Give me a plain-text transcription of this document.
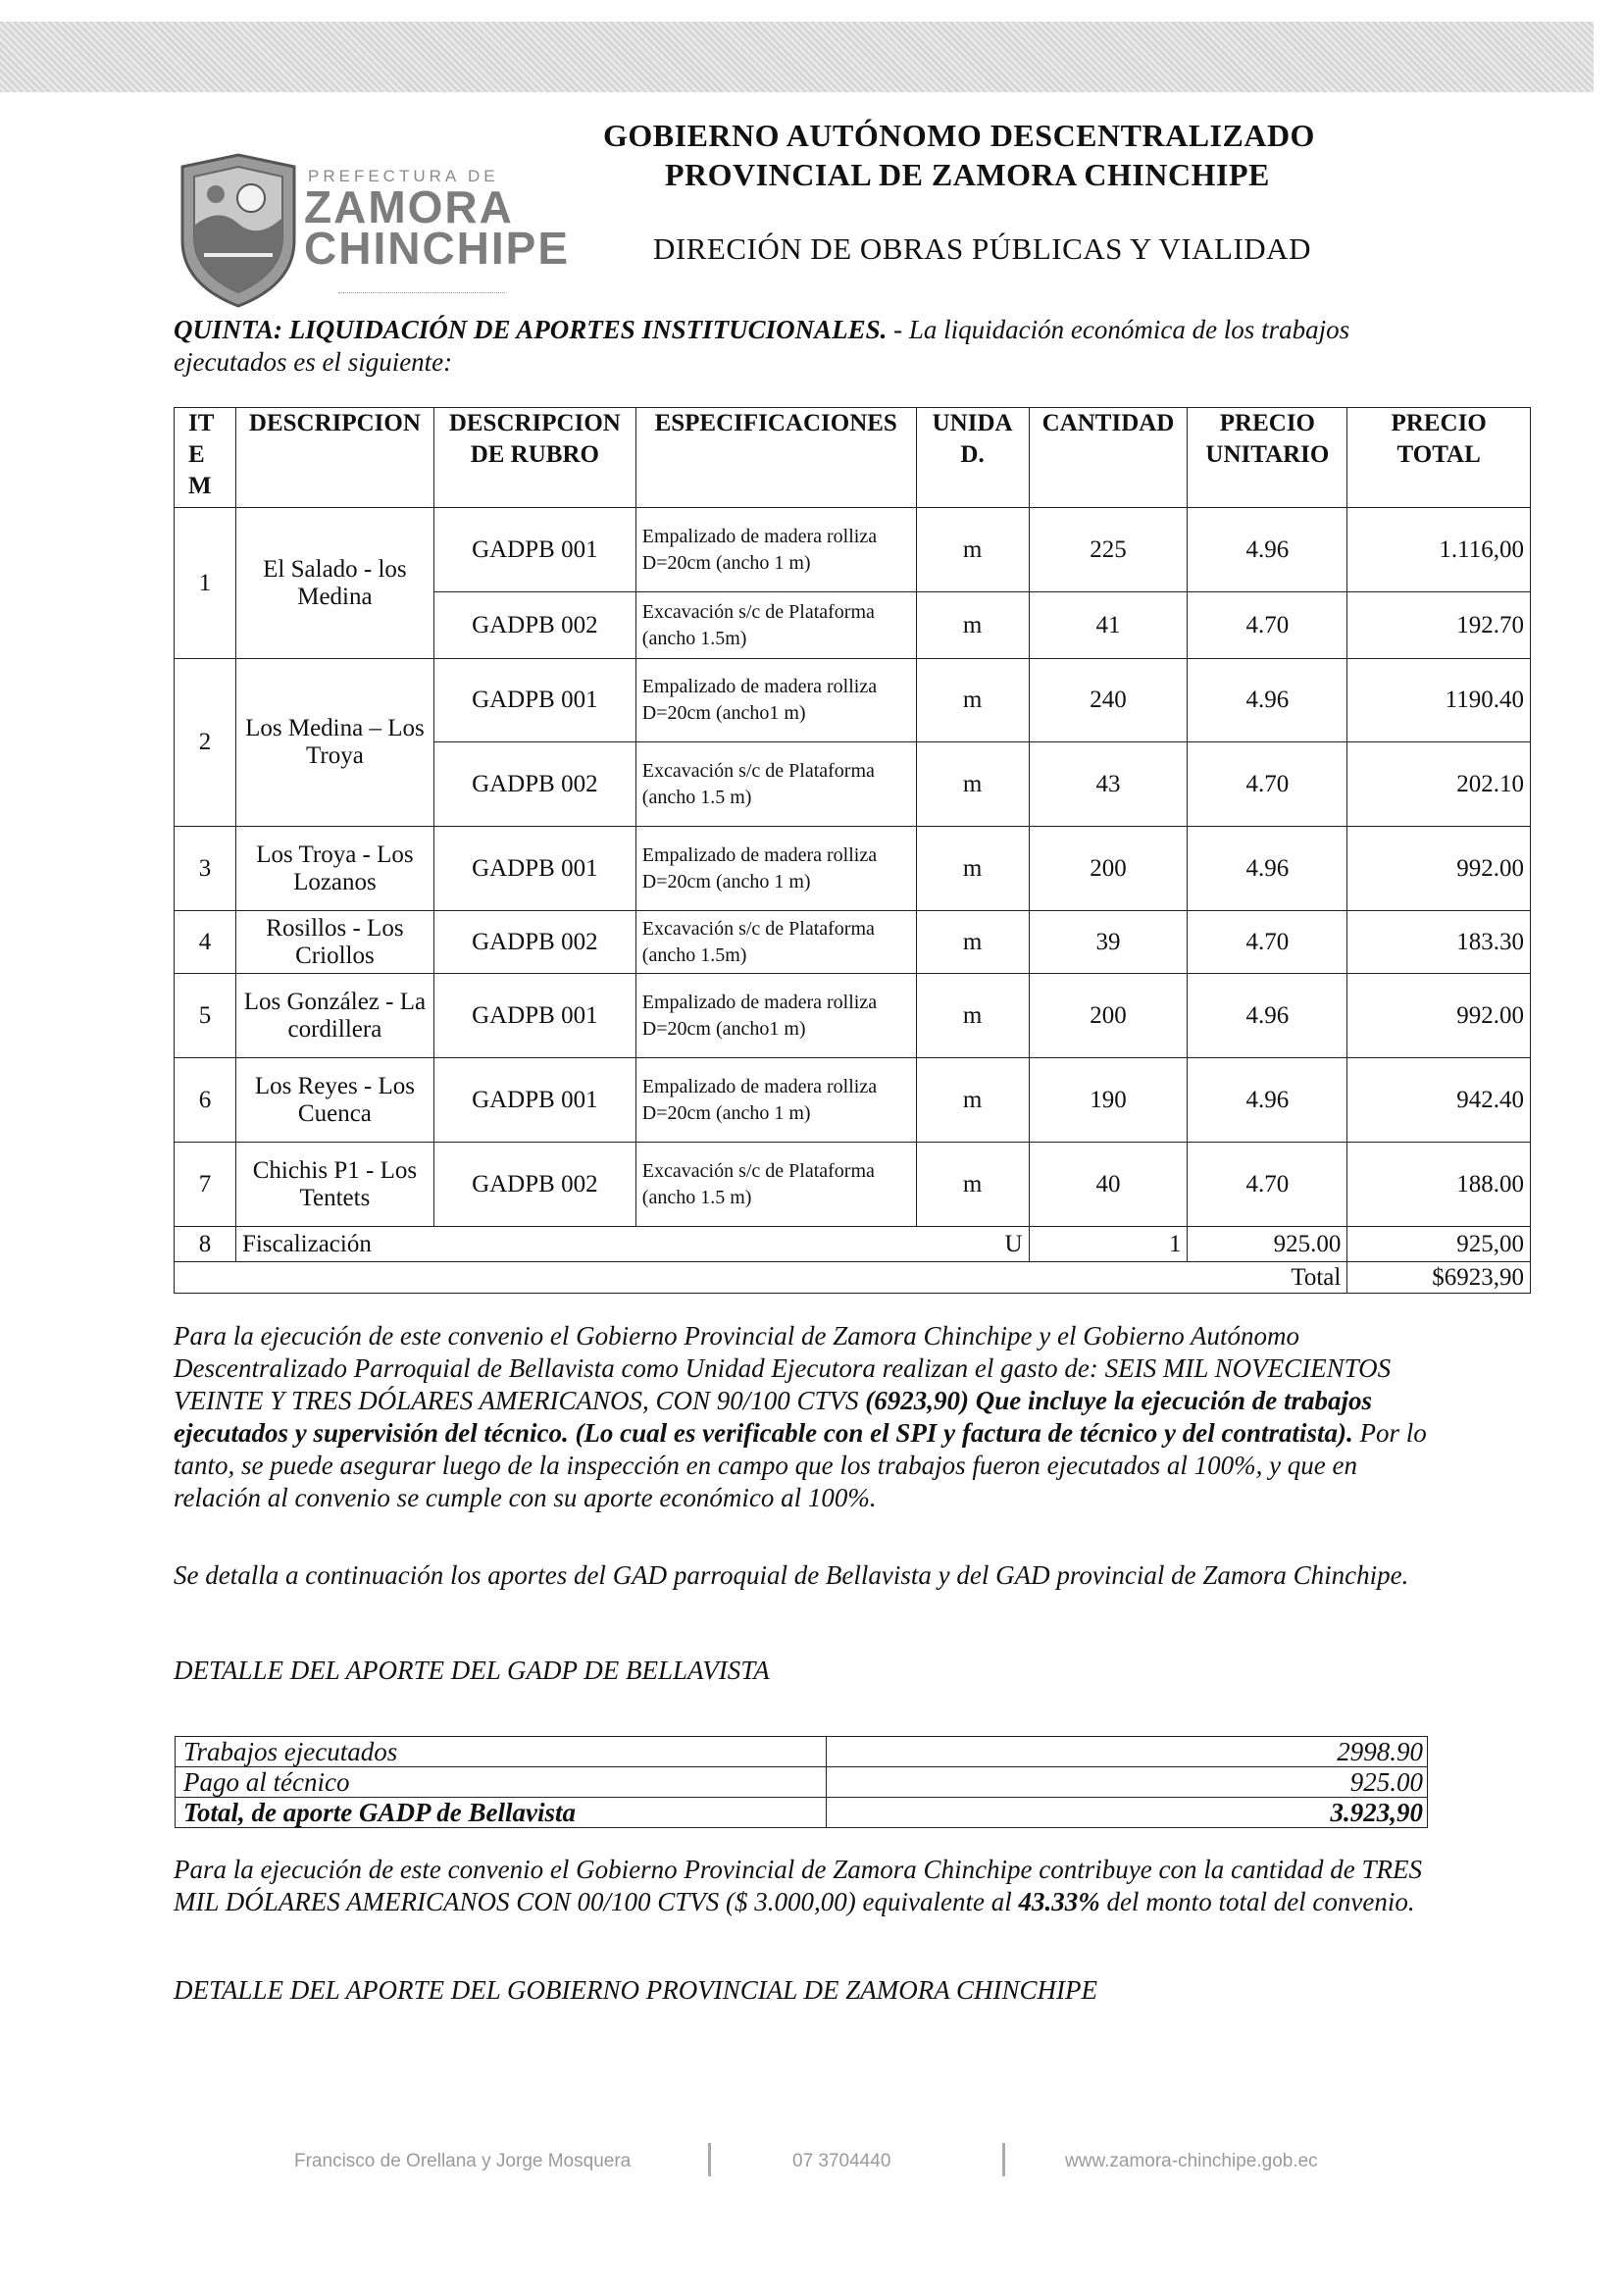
PREFECTURA DE
ZAMORA
CHINCHIPE
GOBIERNO AUTÓNOMO DESCENTRALIZADO
PROVINCIAL DE ZAMORA CHINCHIPE
DIRECIÓN DE OBRAS PÚBLICAS Y VIALIDAD
QUINTA: LIQUIDACIÓN DE APORTES INSTITUCIONALES. - La liquidación económica de los trabajos ejecutados es el siguiente:
IT E M	DESCRIPCION	DESCRIPCION DE RUBRO	ESPECIFICACIONES	UNIDA D.	CANTIDAD	PRECIO UNITARIO	PRECIO TOTAL
1	El Salado - los Medina	GADPB 001	Empalizado de madera rolliza D=20cm (ancho 1 m)	m	225	4.96	1.116,00
		GADPB 002	Excavación s/c de Plataforma (ancho 1.5m)	m	41	4.70	192.70
2	Los Medina – Los Troya	GADPB 001	Empalizado de madera rolliza D=20cm (ancho1 m)	m	240	4.96	1190.40
		GADPB 002	Excavación s/c de Plataforma (ancho 1.5 m)	m	43	4.70	202.10
3	Los Troya - Los Lozanos	GADPB 001	Empalizado de madera rolliza D=20cm (ancho 1 m)	m	200	4.96	992.00
4	Rosillos - Los Criollos	GADPB 002	Excavación s/c de Plataforma (ancho 1.5m)	m	39	4.70	183.30
5	Los González - La cordillera	GADPB 001	Empalizado de madera rolliza D=20cm (ancho1 m)	m	200	4.96	992.00
6	Los Reyes - Los Cuenca	GADPB 001	Empalizado de madera rolliza D=20cm (ancho 1 m)	m	190	4.96	942.40
7	Chichis P1 - Los Tentets	GADPB 002	Excavación s/c de Plataforma (ancho 1.5 m)	m	40	4.70	188.00
8	Fiscalización			U	1	925.00	925,00
Total							$6923,90
Para la ejecución de este convenio el Gobierno Provincial de Zamora Chinchipe y el Gobierno Autónomo Descentralizado Parroquial de Bellavista como Unidad Ejecutora realizan el gasto de: SEIS MIL NOVECIENTOS VEINTE Y TRES DÓLARES AMERICANOS, CON 90/100 CTVS (6923,90) Que incluye la ejecución de trabajos ejecutados y supervisión del técnico. (Lo cual es verificable con el SPI y factura de técnico y del contratista). Por lo tanto, se puede asegurar luego de la inspección en campo que los trabajos fueron ejecutados al 100%, y que en relación al convenio se cumple con su aporte económico al 100%.
Se detalla a continuación los aportes del GAD parroquial de Bellavista y del GAD provincial de Zamora Chinchipe.
DETALLE DEL APORTE DEL GADP DE BELLAVISTA
Trabajos ejecutados	2998.90
Pago al técnico	925.00
Total, de aporte GADP de Bellavista	3.923,90
Para la ejecución de este convenio el Gobierno Provincial de Zamora Chinchipe contribuye con la cantidad de TRES MIL DÓLARES AMERICANOS CON 00/100 CTVS ($ 3.000,00) equivalente al 43.33% del monto total del convenio.
DETALLE DEL APORTE DEL GOBIERNO PROVINCIAL DE ZAMORA CHINCHIPE
Francisco de Orellana y Jorge Mosquera	07 3704440	www.zamora-chinchipe.gob.ec
